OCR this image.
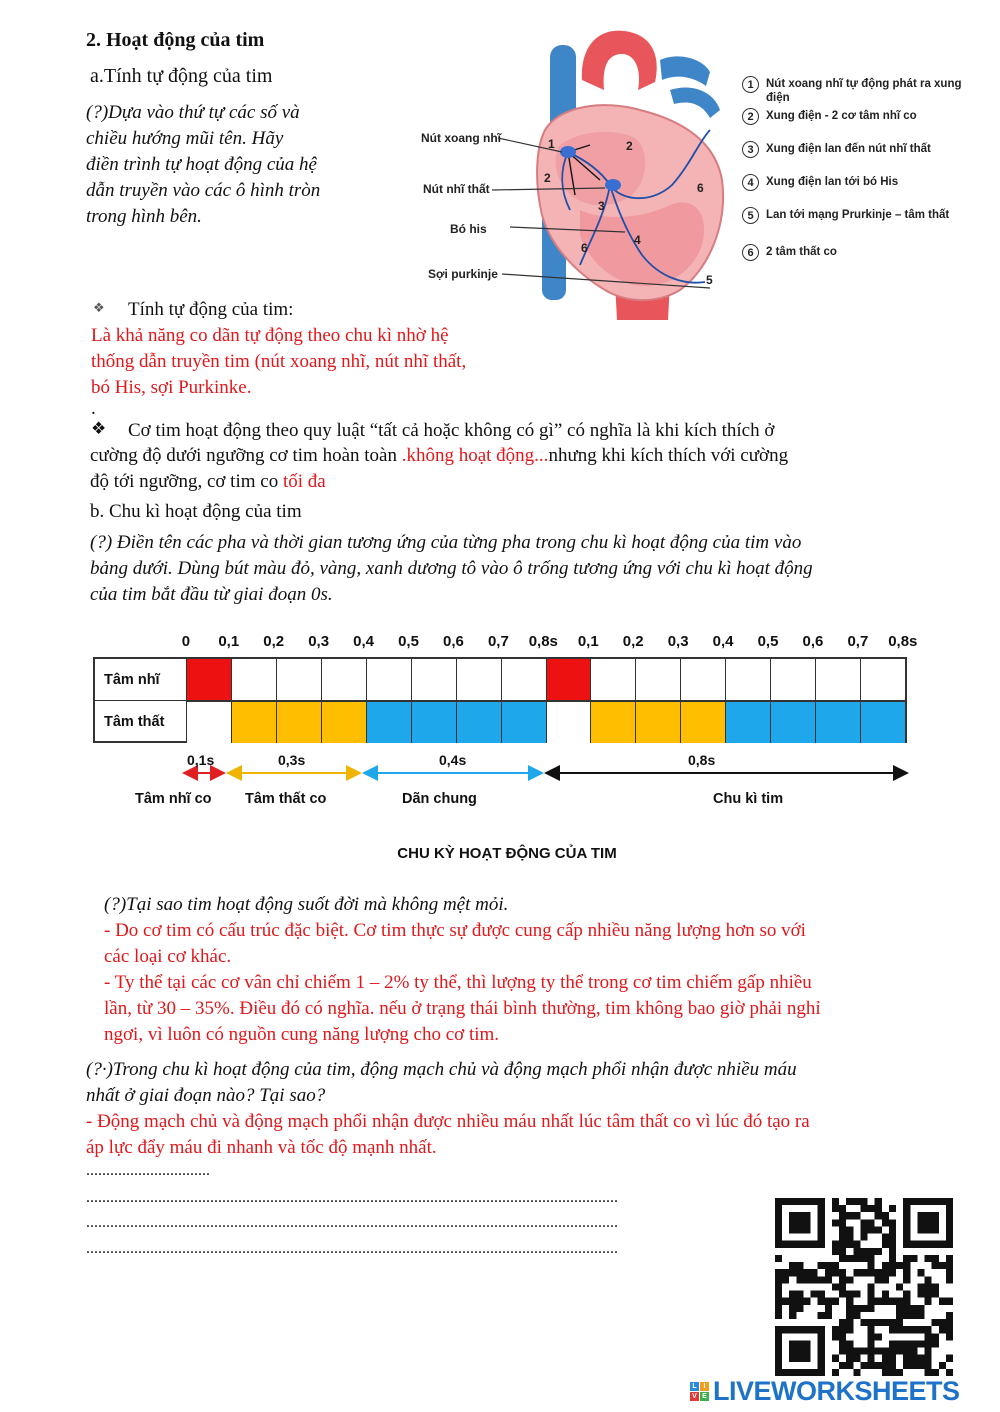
2. Hoạt động của tim
a.Tính tự động của tim
(?)Dựa vào thứ tự các số và
chiều hướng mũi tên. Hãy
điền trình tự hoạt động của hệ
dẫn truyền vào các ô hình tròn
trong hình bên.
Nút xoang nhĩ
Nút nhĩ thất
Bó his
Sợi purkinje
1	2
2
3
4
5
6
6
1	Nút xoang nhĩ tự động phát ra xung
điện
2	Xung điện - 2 cơ tâm nhĩ co
3	Xung điện lan đến nút nhĩ thất
4	Xung điện lan tới bó His
5	Lan tới mạng Prurkinje – tâm thất
6	2 tâm thất co
❖ Tính tự động của tim:
Là khả năng co dãn tự động theo chu kì nhờ hệ
thống dẫn truyền tim (nút xoang nhĩ, nút nhĩ thất,
bó His, sợi Purkinke.
.
❖ Cơ tim hoạt động theo quy luật “tất cả hoặc không có gì” có nghĩa là khi kích thích ở
cường độ dưới ngưỡng cơ tim hoàn toàn .không hoạt động...nhưng khi kích thích với cường
độ tới ngưỡng, cơ tim co tối đa
b. Chu kì hoạt động của tim
(?) Điền tên các pha và thời gian tương ứng của từng pha trong chu kì hoạt động của tim vào
bảng dưới. Dùng bút màu đỏ, vàng, xanh dương tô vào ô trống tương ứng với chu kì hoạt động
của tim bắt đầu từ giai đoạn 0s.
0 0,1 0,2 0,3 0,4 0,5 0,6 0,7 0,8s 0,1 0,2 0,3 0,4 0,5 0,6 0,7 0,8s
Tâm nhĩ
Tâm thất
0,1s	0,3s	0,4s	0,8s
Tâm nhĩ co Tâm thất co	Dãn chung	Chu kì tim
CHU KỲ HOẠT ĐỘNG CỦA TIM
(?)Tại sao tim hoạt động suốt đời mà không mệt mỏi.
- Do cơ tim có cấu trúc đặc biệt. Cơ tim thực sự được cung cấp nhiều năng lượng hơn so với
các loại cơ khác.
- Ty thể tại các cơ vân chỉ chiếm 1 – 2% ty thể, thì lượng ty thể trong cơ tim chiếm gấp nhiều
lần, từ 30 – 35%. Điều đó có nghĩa. nếu ở trạng thái bình thường, tim không bao giờ phải nghỉ
ngơi, vì luôn có nguồn cung năng lượng cho cơ tim.
(?·)Trong chu kì hoạt động của tim, động mạch chủ và động mạch phổi nhận được nhiều máu
nhất ở giai đoạn nào? Tại sao?
- Động mạch chủ và động mạch phổi nhận được nhiều máu nhất lúc tâm thất co vì lúc đó tạo ra
áp lực đẩy máu đi nhanh và tốc độ mạnh nhất.
...............................
.....................................................................................................................................
.....................................................................................................................................
.....................................................................................................................................
L I
V E LIVEWORKSHEETS
